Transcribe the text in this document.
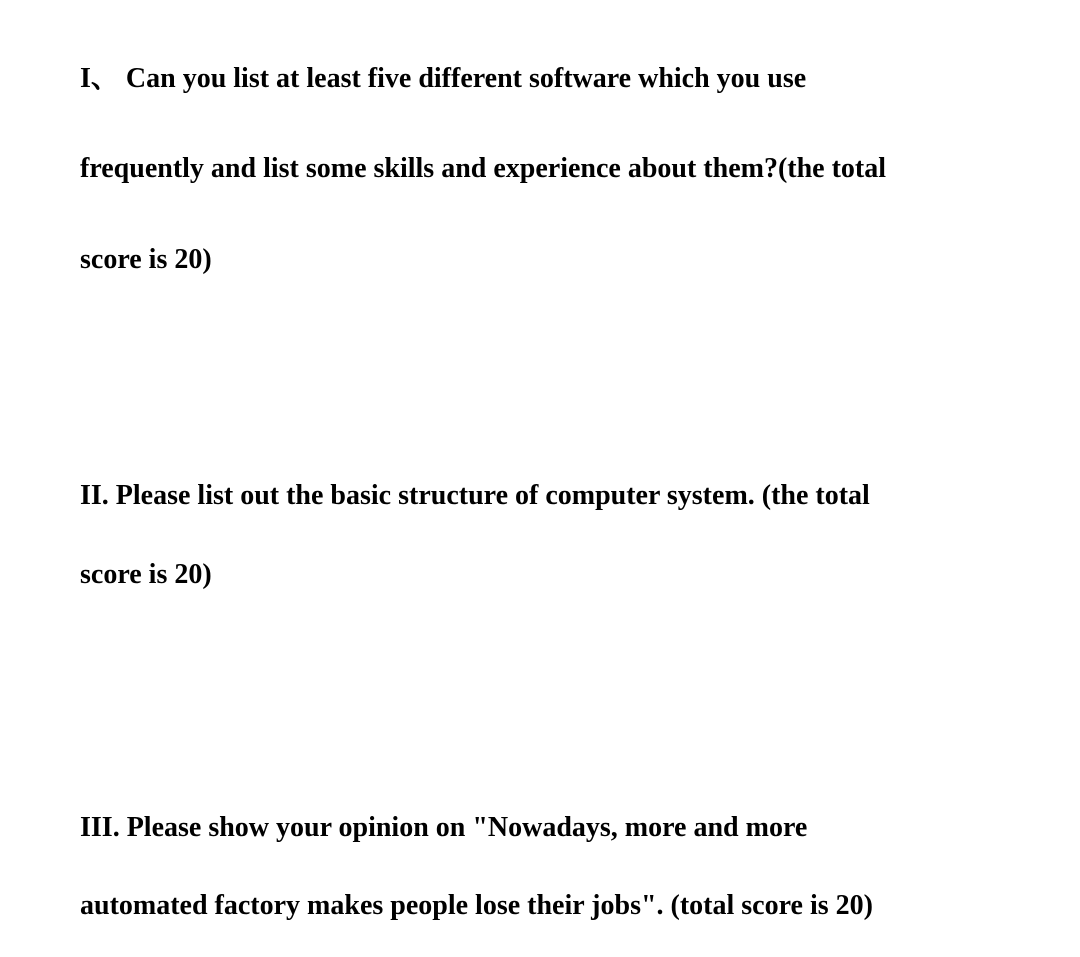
I、 Can you list at least five different software which you use

frequently and list some skills and experience about them?(the total

score is 20)

II. Please list out the basic structure of computer system. (the total

score is 20)

III. Please show your opinion on "Nowadays, more and more

automated factory makes people lose their jobs". (total score is 20)
